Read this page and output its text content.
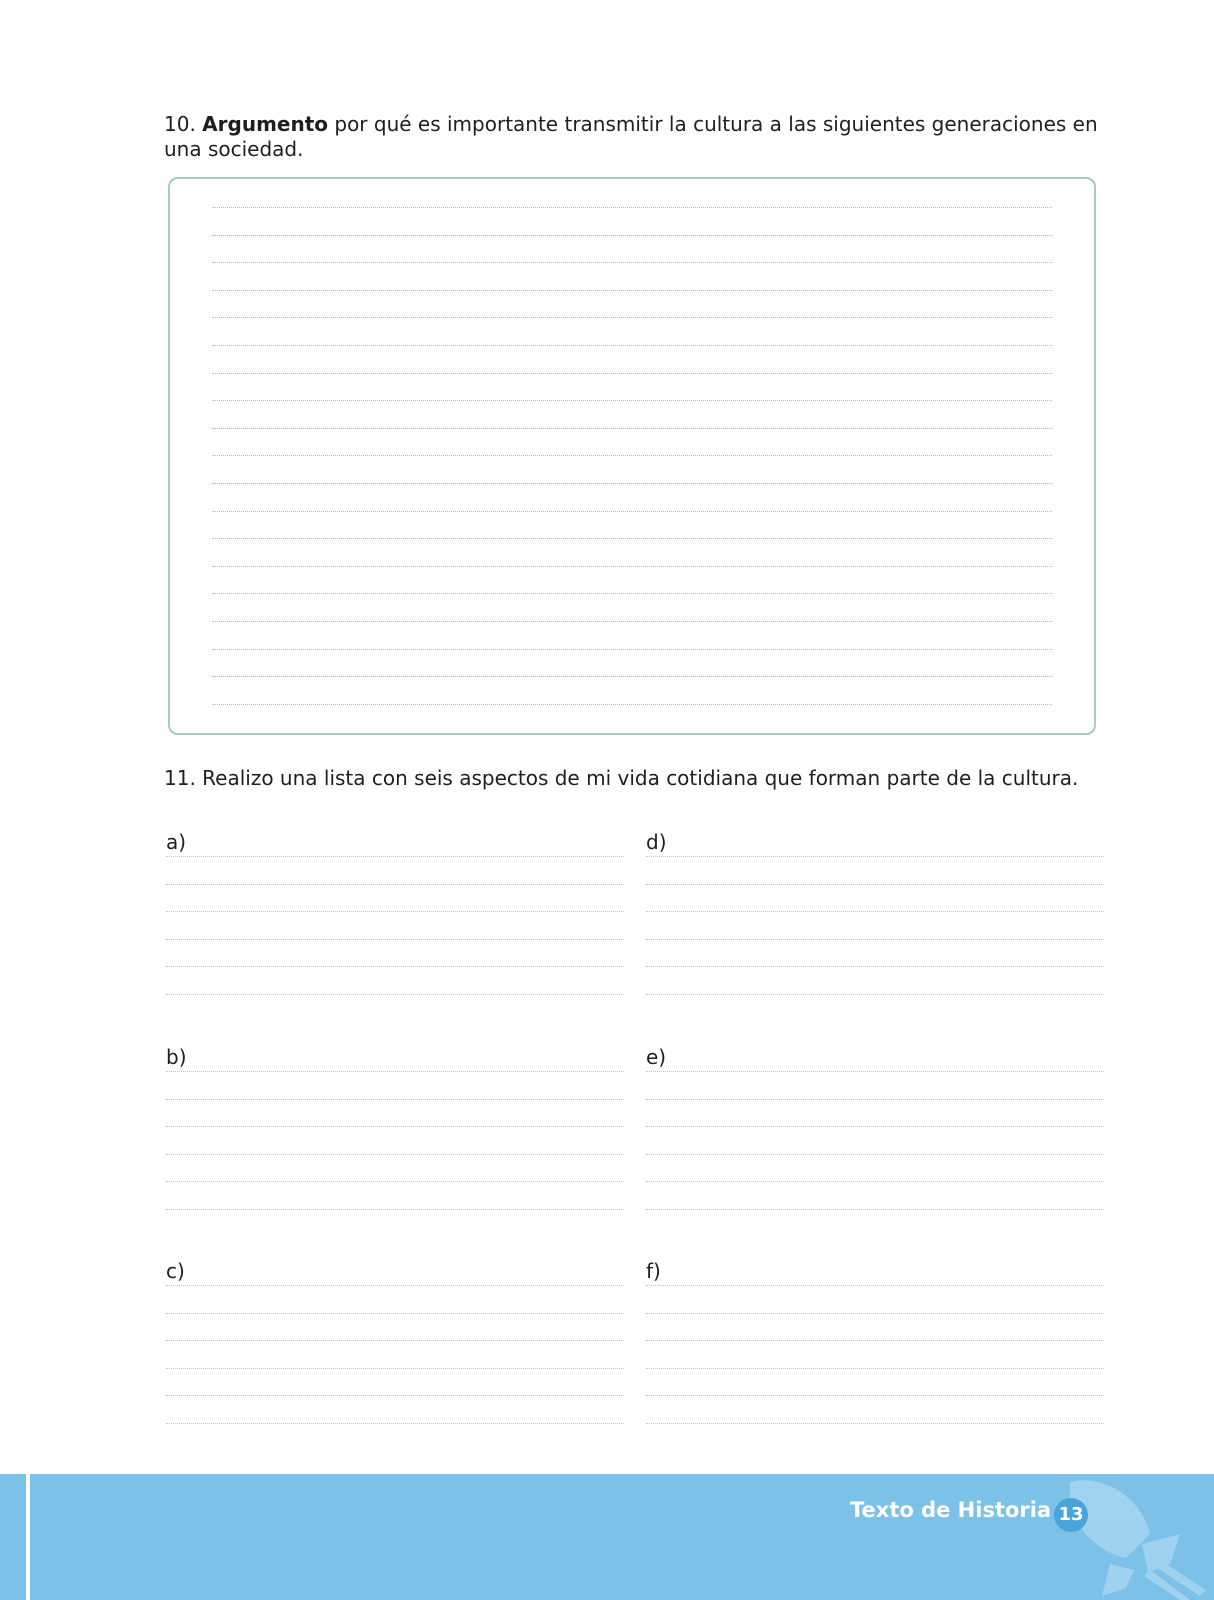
10. Argumento por qué es importante transmitir la cultura a las siguientes generaciones en una sociedad.
11. Realizo una lista con seis aspectos de mi vida cotidiana que forman parte de la cultura.
a)
b)
c)
d)
e)
f)
Texto de Historia 13
